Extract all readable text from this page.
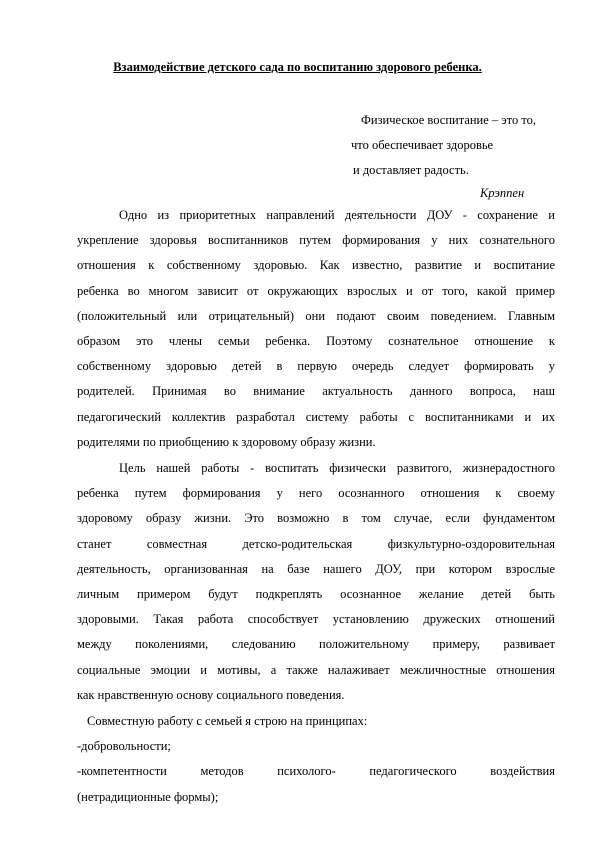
Взаимодействие детского сада по воспитанию здорового ребенка.
Физическое воспитание – это то,
что обеспечивает здоровье
и доставляет радость.
Крэппен
Одно из приоритетных направлений деятельности ДОУ - сохранение и
укрепление здоровья воспитанников путем формирования у них сознательного
отношения к собственному здоровью. Как известно, развитие и воспитание
ребенка во многом зависит от окружающих взрослых и от того, какой пример
(положительный или отрицательный) они подают своим поведением. Главным
образом это члены семьи ребенка. Поэтому сознательное отношение к
собственному здоровью детей в первую очередь следует формировать у
родителей. Принимая во внимание актуальность данного вопроса, наш
педагогический коллектив разработал систему работы с воспитанниками и их
родителями по приобщению к здоровому образу жизни.
Цель нашей работы - воспитать физически развитого, жизнерадостного
ребенка путем формирования у него осознанного отношения к своему
здоровому образу жизни. Это возможно в том случае, если фундаментом
станет совместная детско-родительская физкультурно-оздоровительная
деятельность, организованная на базе нашего ДОУ, при котором взрослые
личным примером будут подкреплять осознанное желание детей быть
здоровыми. Такая работа способствует установлению дружеских отношений
между поколениями, следованию положительному примеру, развивает
социальные эмоции и мотивы, а также налаживает межличностные отношения
как нравственную основу социального поведения.
Совместную работу с семьей я строю на принципах:
-добровольности;
-компетентности методов психолого- педагогического воздействия
(нетрадиционные формы);
